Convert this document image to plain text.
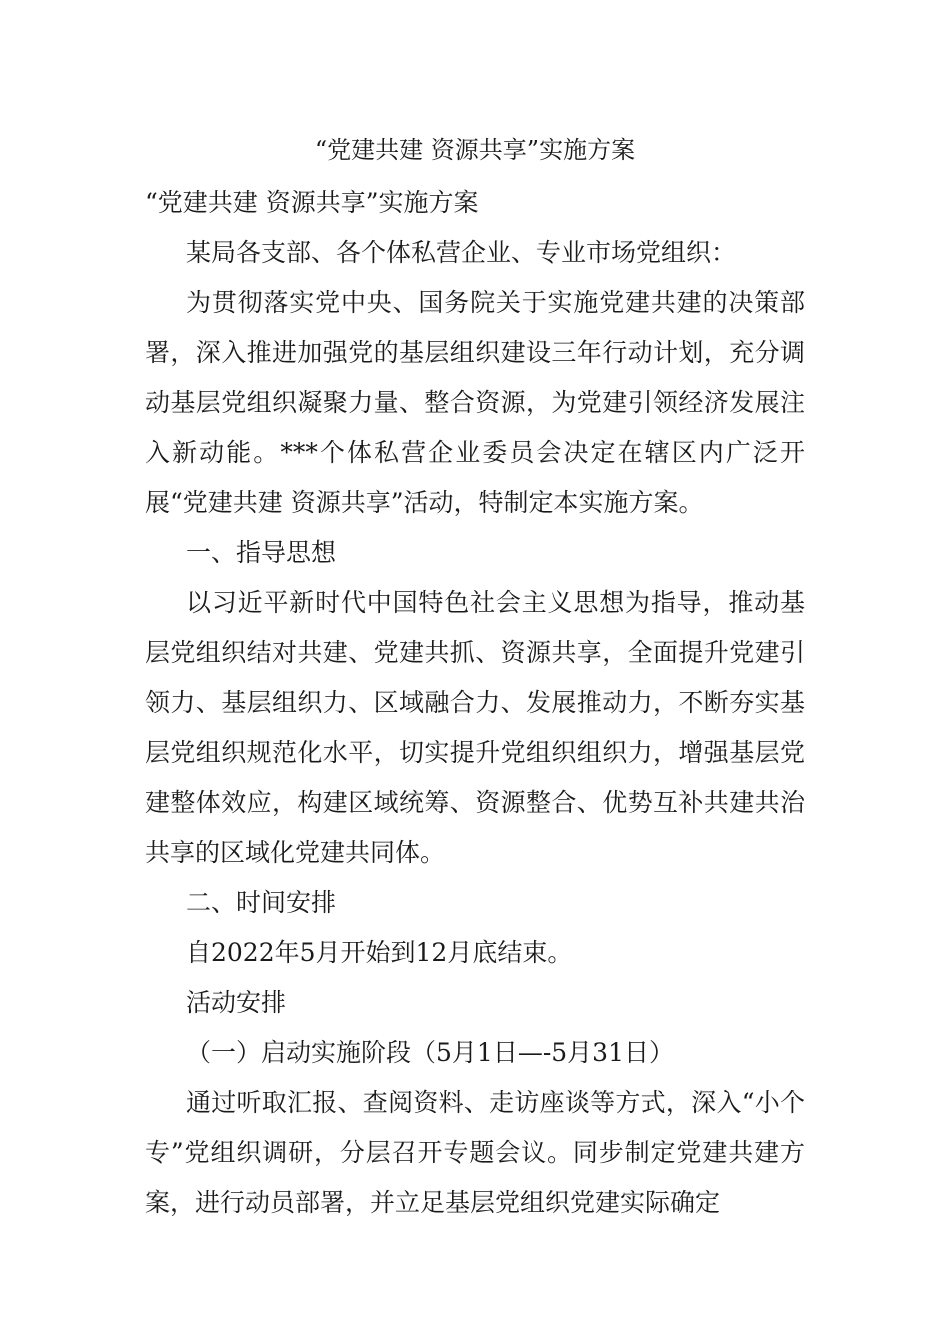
“党建共建 资源共享”实施方案

“党建共建 资源共享”实施方案

某局各支部、各个体私营企业、专业市场党组织：

为贯彻落实党中央、国务院关于实施党建共建的决策部署，深入推进加强党的基层组织建设三年行动计划，充分调动基层党组织凝聚力量、整合资源，为党建引领经济发展注入新动能。***个体私营企业委员会决定在辖区内广泛开展“党建共建 资源共享”活动，特制定本实施方案。

一、指导思想

以习近平新时代中国特色社会主义思想为指导，推动基层党组织结对共建、党建共抓、资源共享，全面提升党建引领力、基层组织力、区域融合力、发展推动力，不断夯实基层党组织规范化水平，切实提升党组织组织力，增强基层党建整体效应，构建区域统筹、资源整合、优势互补共建共治共享的区域化党建共同体。

二、时间安排

自2022年5月开始到12月底结束。

活动安排

（一）启动实施阶段（5月1日—-5月31日）

通过听取汇报、查阅资料、走访座谈等方式，深入“小个专”党组织调研，分层召开专题会议。同步制定党建共建方案，进行动员部署，并立足基层党组织党建实际确定
